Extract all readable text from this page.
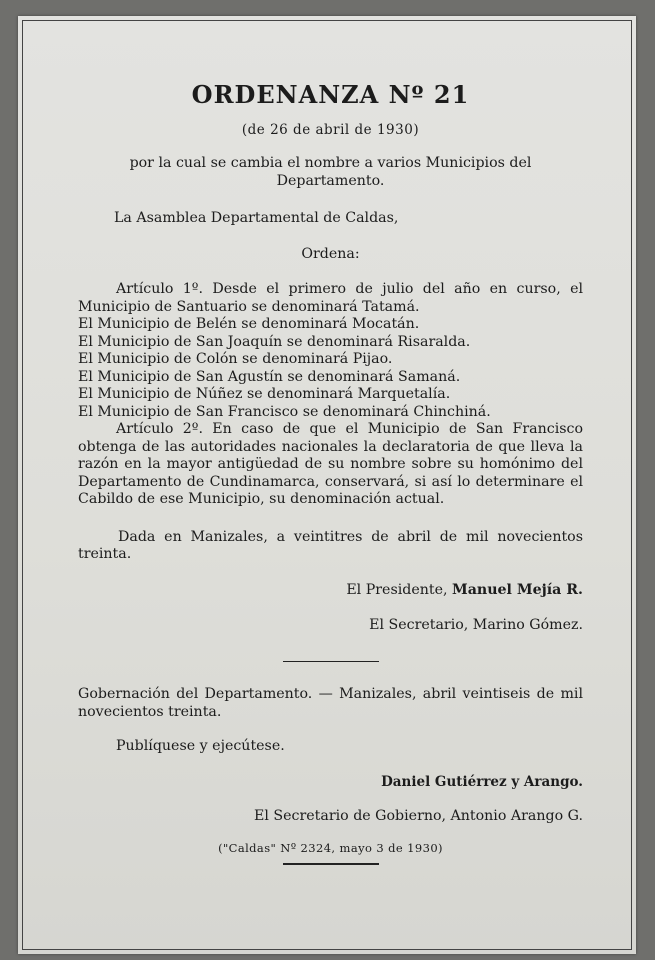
ORDENANZA Nº 21
(de 26 de abril de 1930)
por la cual se cambia el nombre a varios Municipios del
Departamento.
La Asamblea Departamental de Caldas,
Ordena:

Artículo 1º. Desde el primero de julio del año en curso, el Municipio de Santuario se denominará Tatamá.

El Municipio de Belén se denominará Mocatán.

El Municipio de San Joaquín se denominará Risaralda.

El Municipio de Colón se denominará Pijao.

El Municipio de San Agustín se denominará Samaná.

El Municipio de Núñez se denominará Marquetalía.

El Municipio de San Francisco se denominará Chinchiná.

Artículo 2º. En caso de que el Municipio de San Francisco obtenga de las autoridades nacionales la declaratoria de que lleva la razón en la mayor antigüedad de su nombre sobre su homónimo del Departamento de Cundinamarca, conservará, si así lo determinare el Cabildo de ese Municipio, su denominación actual.

Dada en Manizales, a veintitres de abril de mil novecientos treinta.

El Presidente, Manuel Mejía R.
El Secretario, Marino Gómez.

Gobernación del Departamento. — Manizales, abril veintiseis de mil novecientos treinta.

Publíquese y ejecútese.
Daniel Gutiérrez y Arango.
El Secretario de Gobierno, Antonio Arango G.
("Caldas" Nº 2324, mayo 3 de 1930)
